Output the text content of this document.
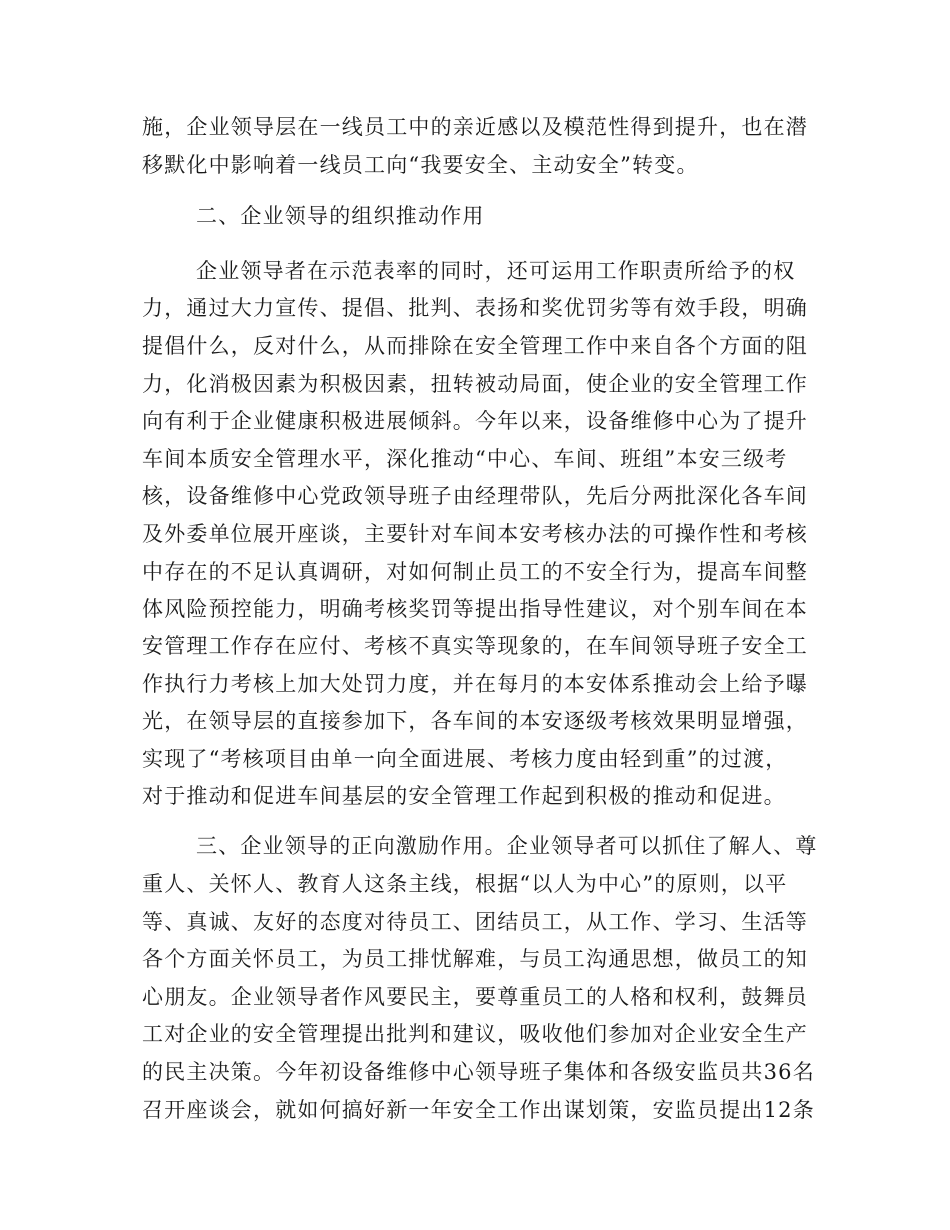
施，企业领导层在一线员工中的亲近感以及模范性得到提升，也在潜
移默化中影响着一线员工向“我要安全、主动安全”转变。
二、企业领导的组织推动作用
企业领导者在示范表率的同时，还可运用工作职责所给予的权
力，通过大力宣传、提倡、批判、表扬和奖优罚劣等有效手段，明确
提倡什么，反对什么，从而排除在安全管理工作中来自各个方面的阻
力，化消极因素为积极因素，扭转被动局面，使企业的安全管理工作
向有利于企业健康积极进展倾斜。今年以来，设备维修中心为了提升
车间本质安全管理水平，深化推动“中心、车间、班组”本安三级考
核，设备维修中心党政领导班子由经理带队，先后分两批深化各车间
及外委单位展开座谈，主要针对车间本安考核办法的可操作性和考核
中存在的不足认真调研，对如何制止员工的不安全行为，提高车间整
体风险预控能力，明确考核奖罚等提出指导性建议，对个别车间在本
安管理工作存在应付、考核不真实等现象的，在车间领导班子安全工
作执行力考核上加大处罚力度，并在每月的本安体系推动会上给予曝
光，在领导层的直接参加下，各车间的本安逐级考核效果明显增强，
实现了“考核项目由单一向全面进展、考核力度由轻到重”的过渡，
对于推动和促进车间基层的安全管理工作起到积极的推动和促进。
三、企业领导的正向激励作用。企业领导者可以抓住了解人、尊
重人、关怀人、教育人这条主线，根据“以人为中心”的原则，以平
等、真诚、友好的态度对待员工、团结员工，从工作、学习、生活等
各个方面关怀员工，为员工排忧解难，与员工沟通思想，做员工的知
心朋友。企业领导者作风要民主，要尊重员工的人格和权利，鼓舞员
工对企业的安全管理提出批判和建议，吸收他们参加对企业安全生产
的民主决策。今年初设备维修中心领导班子集体和各级安监员共36名
召开座谈会，就如何搞好新一年安全工作出谋划策，安监员提出12条
